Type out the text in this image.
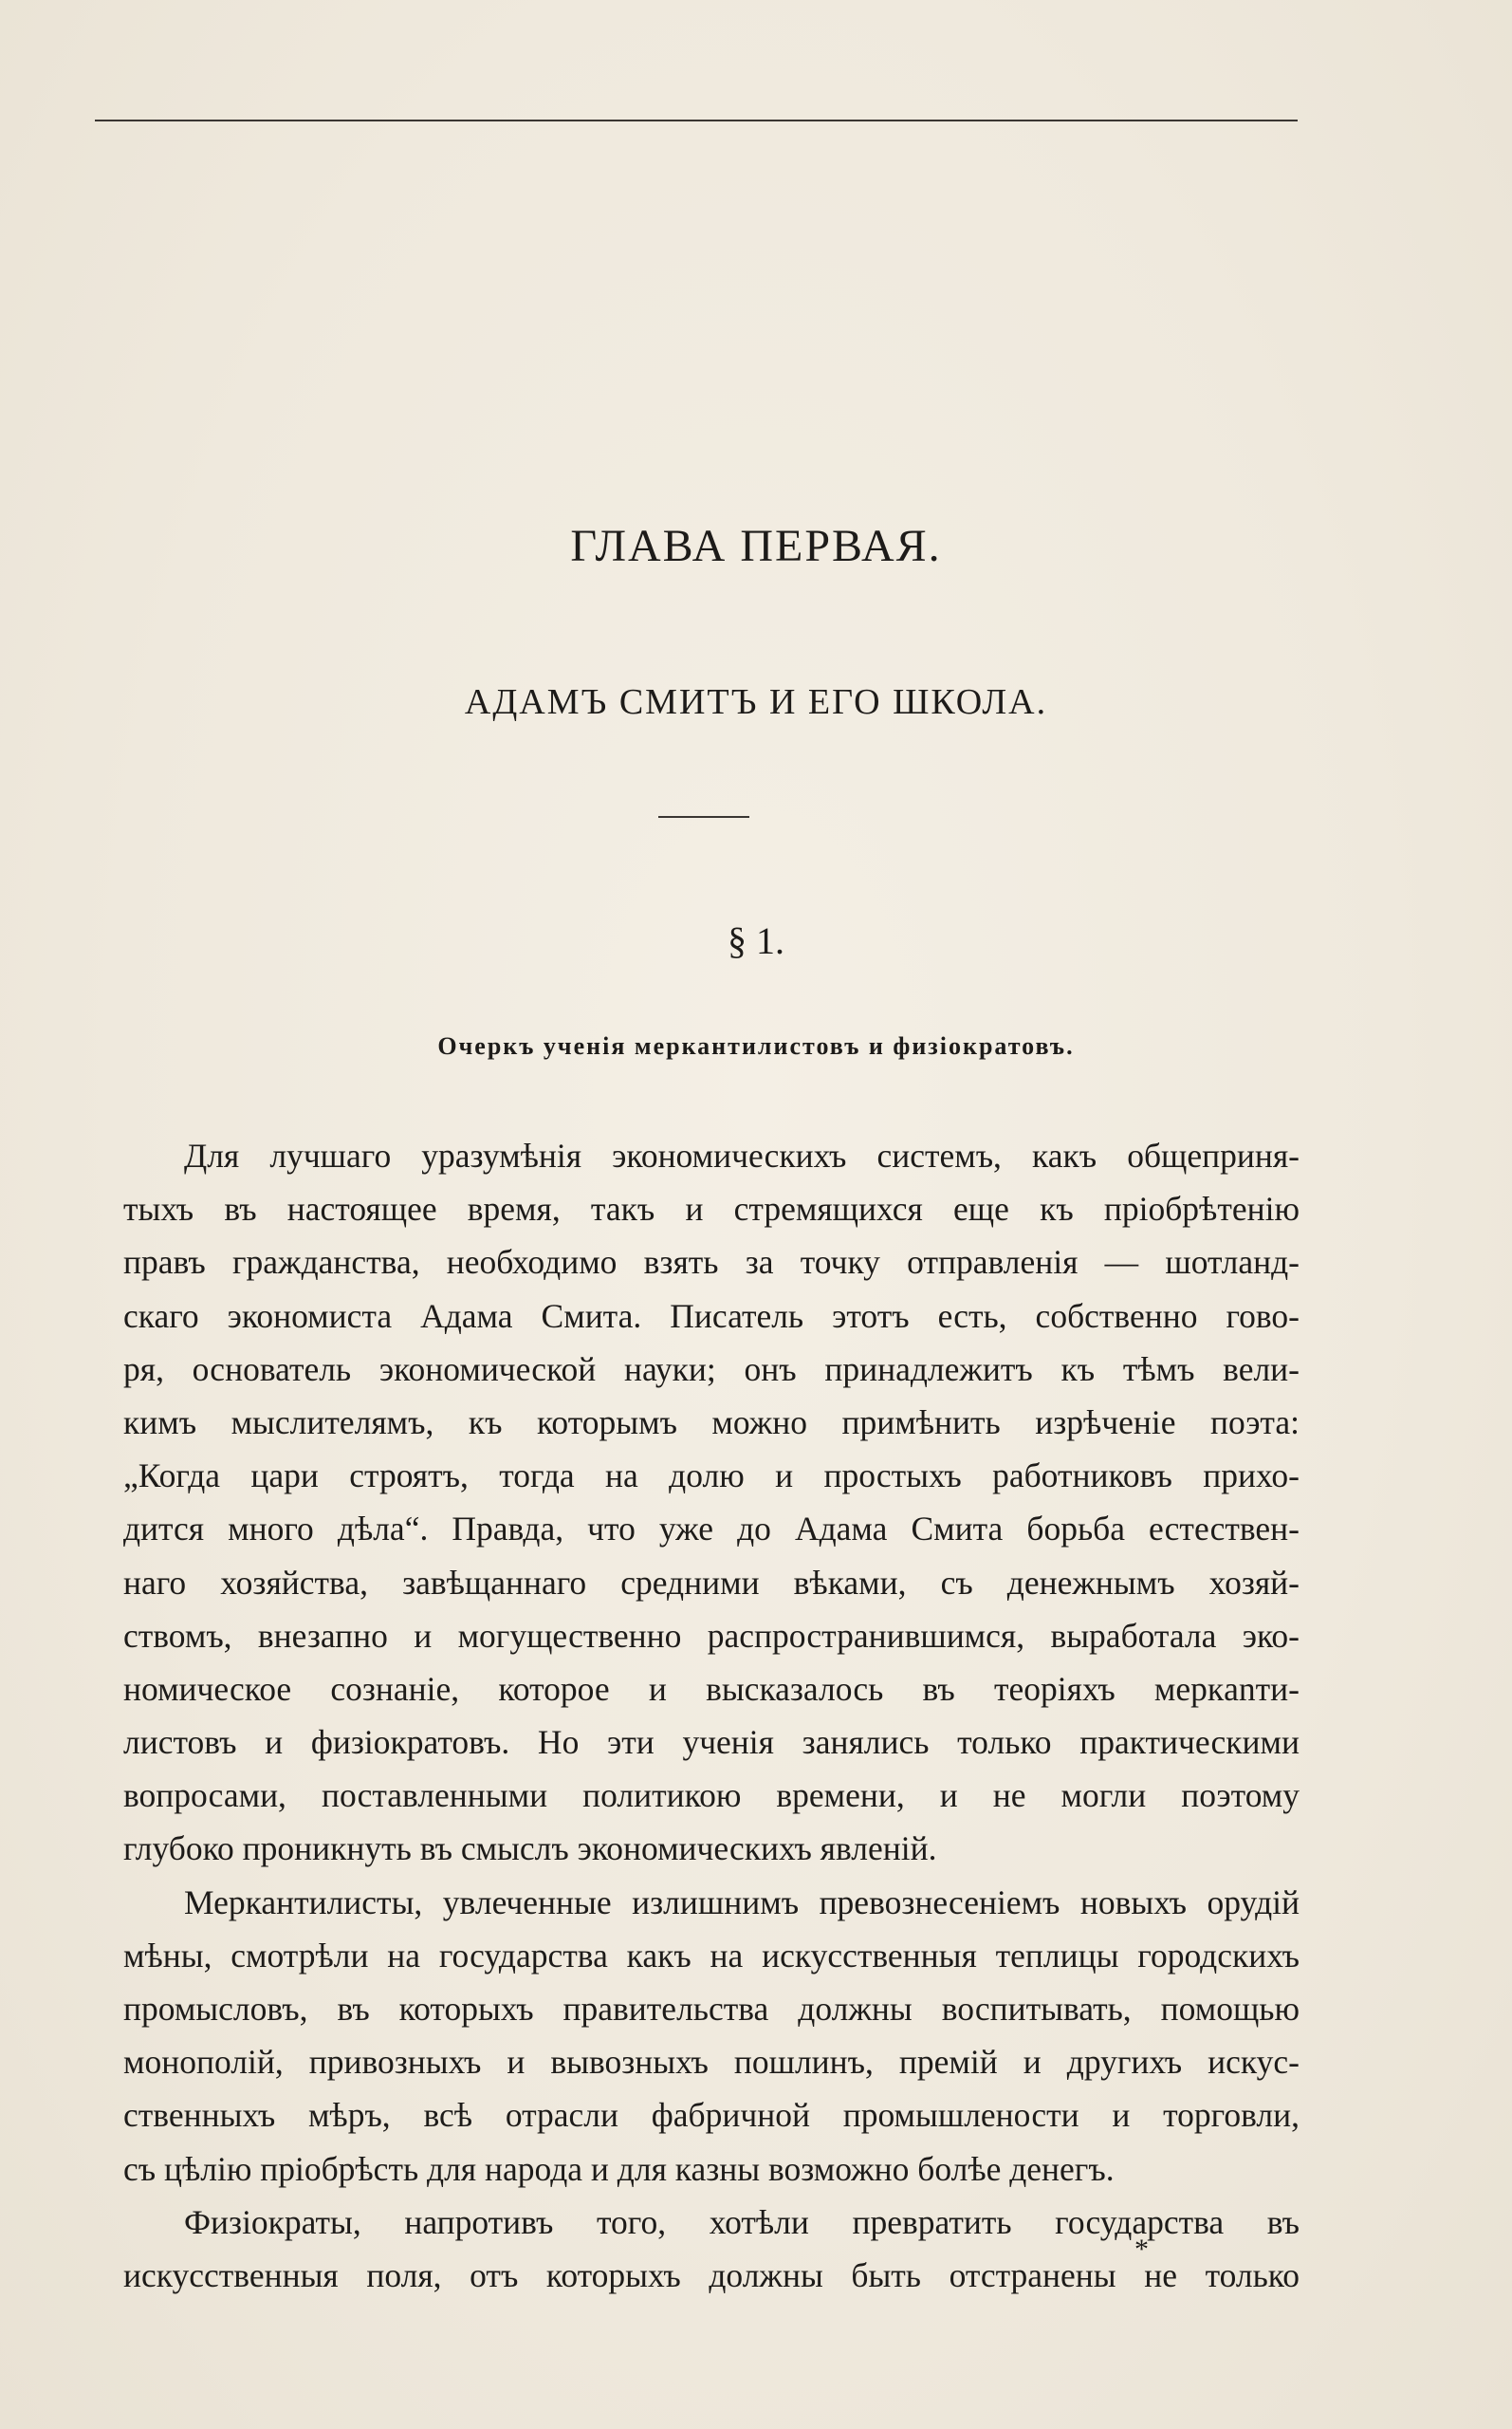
ГЛАВА ПЕРВАЯ.
АДАМЪ СМИТЪ И ЕГО ШКОЛА.
§ 1.
Очеркъ ученія меркантилистовъ и физіократовъ.
Для лучшаго уразумѣнія экономическихъ системъ, какъ общеприня-
тыхъ въ настоящее время, такъ и стремящихся еще къ пріобрѣтенію
правъ гражданства, необходимо взять за точку отправленія — шотланд-
скаго экономиста Адама Смита. Писатель этотъ есть, собственно гово-
ря, основатель экономической науки; онъ принадлежитъ къ тѣмъ вели-
кимъ мыслителямъ, къ которымъ можно примѣнить изрѣченіе поэта:
„Когда цари строятъ, тогда на долю и простыхъ работниковъ прихо-
дится много дѣла“. Правда, что уже до Адама Смита борьба естествен-
наго хозяйства, завѣщаннаго средними вѣками, съ денежнымъ хозяй-
ствомъ, внезапно и могущественно распространившимся, выработала эко-
номическое сознаніе, которое и высказалось въ теоріяхъ меркanти-
листовъ и физіократовъ. Но эти ученія занялись только практическими
вопросами, поставленными политикою времени, и не могли поэтому
глубоко проникнуть въ смыслъ экономическихъ явленій.
Меркантилисты, увлеченные излишнимъ превознесеніемъ новыхъ орудій
мѣны, смотрѣли на государства какъ на искусственныя теплицы городскихъ
промысловъ, въ которыхъ правительства должны воспитывать, помощью
монополій, привозныхъ и вывозныхъ пошлинъ, премій и другихъ искус-
ственныхъ мѣръ, всѣ отрасли фабричной промышлености и торговли,
съ цѣлію пріобрѣсть для народа и для казны возможно болѣе денегъ.
Физіократы, напротивъ того, хотѣли превратить государства въ
искусственныя поля, отъ которыхъ должны быть отстранены не только
*
